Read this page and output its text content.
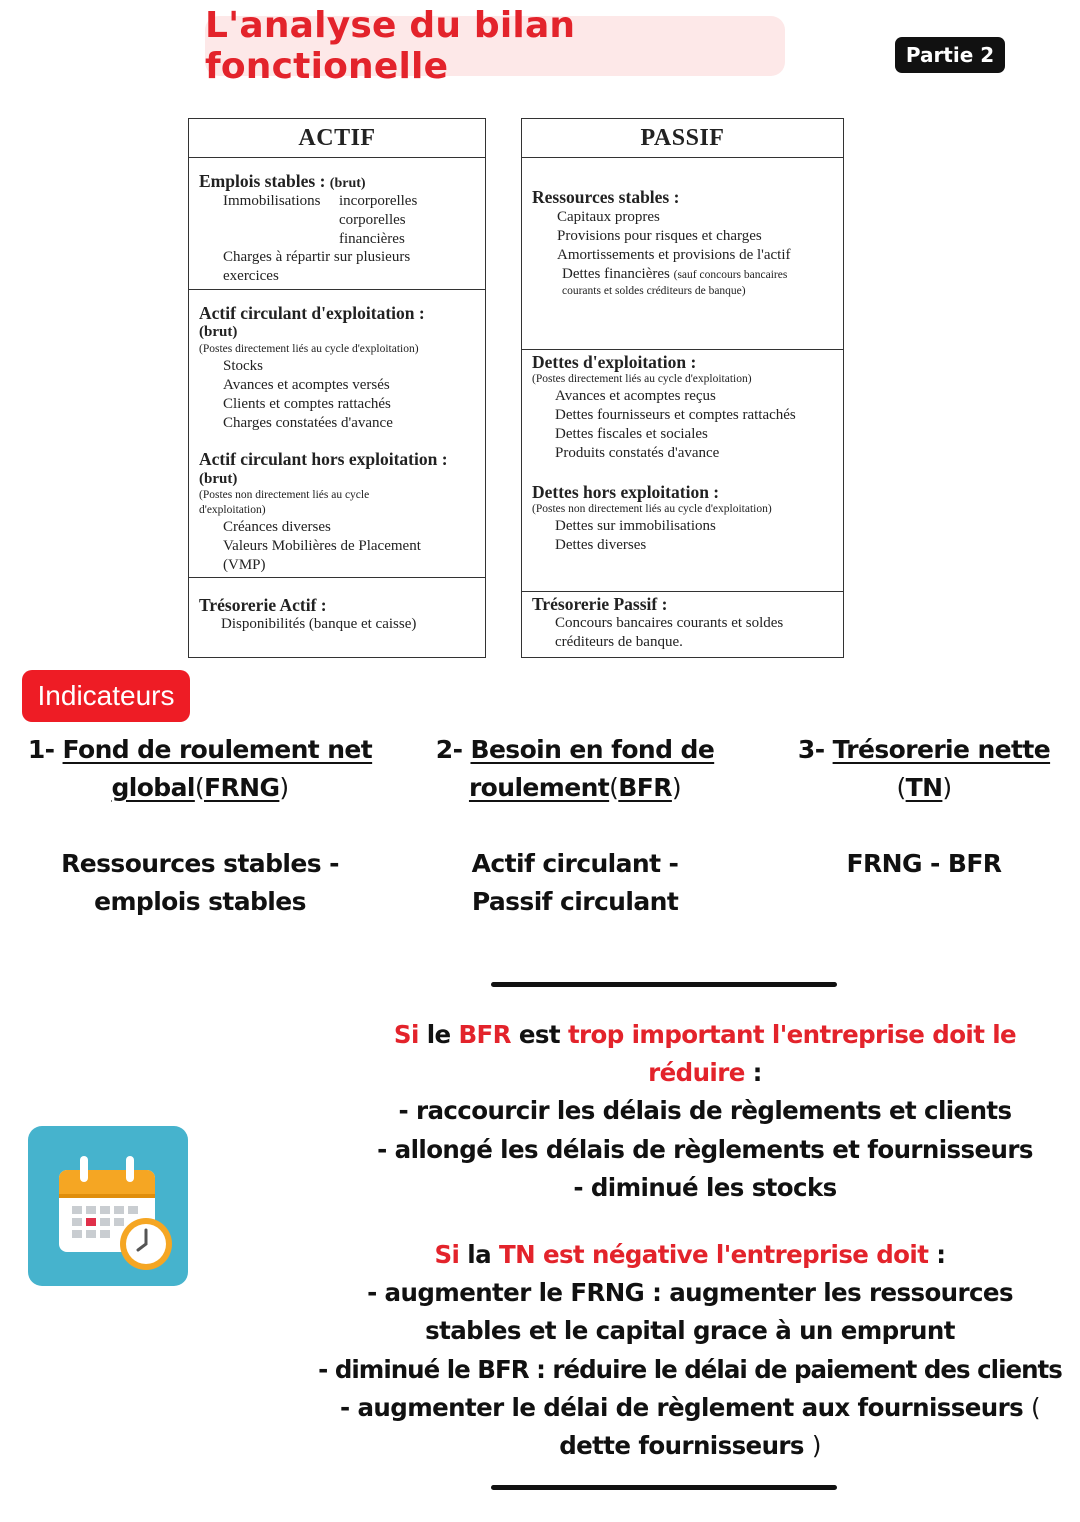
L'analyse du bilan fonctionelle	Partie 2
ACTIF
Emplois stables : (brut)
Immobilisations incorporelles
corporelles
financières
Charges à répartir sur plusieurs
exercices
Actif circulant d'exploitation :
(brut)
(Postes directement liés au cycle d'exploitation)
Stocks
Avances et acomptes versés
Clients et comptes rattachés
Charges constatées d'avance
Actif circulant hors exploitation :
(brut)
(Postes non directement liés au cycle
d'exploitation)
Créances diverses
Valeurs Mobilières de Placement
(VMP)
Trésorerie Actif :
Disponibilités (banque et caisse)
PASSIF
Ressources stables :
Capitaux propres
Provisions pour risques et charges
Amortissements et provisions de l'actif
Dettes financières (sauf concours bancaires
courants et soldes créditeurs de banque)
Dettes d'exploitation :
(Postes directement liés au cycle d'exploitation)
Avances et acomptes reçus
Dettes fournisseurs et comptes rattachés
Dettes fiscales et sociales
Produits constatés d'avance
Dettes hors exploitation :
(Postes non directement liés au cycle d'exploitation)
Dettes sur immobilisations
Dettes diverses
Trésorerie Passif :
Concours bancaires courants et soldes
créditeurs de banque.
Indicateurs
1- Fond de roulement net
global(FRNG)
2- Besoin en fond de
roulement(BFR)
3- Trésorerie nette
(TN)
Ressources stables -
emplois stables
Actif circulant -
Passif circulant
FRNG - BFR
Si le BFR est trop important l'entreprise doit le
réduire :
- raccourcir les délais de règlements et clients
- allongé les délais de règlements et fournisseurs
- diminué les stocks
Si la TN est négative l'entreprise doit :
- augmenter le FRNG : augmenter les ressources
stables et le capital grace à un emprunt
- diminué le BFR : réduire le délai de paiement des clients
- augmenter le délai de règlement aux fournisseurs (
dette fournisseurs )
